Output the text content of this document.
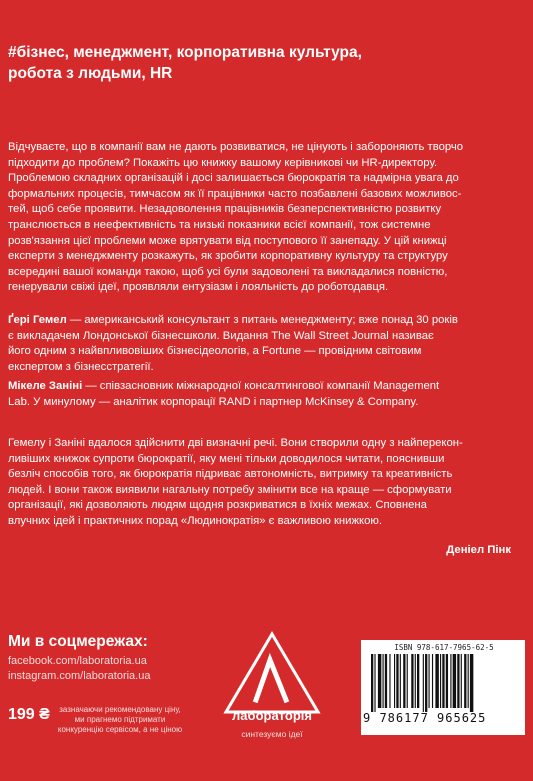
#бізнес, менеджмент, корпоративна культура,
робота з людьми, HR
Відчуваєте, що в компанії вам не дають розвиватися, не цінують і забороняють творчо
підходити до проблем? Покажіть цю книжку вашому керівникові чи HR-директору.
Проблемою складних організацій і досі залишається бюрократія та надмірна увага до
формальних процесів, тимчасом як її працівники часто позбавлені базових можливос-
тей, щоб себе проявити. Незадоволення працівників безперспективністю розвитку
транслюється в неефективність та низькі показники всієї компанії, тож системне
розв'язання цієї проблеми може врятувати від поступового її занепаду. У цій книжці
експерти з менеджменту розкажуть, як зробити корпоративну культуру та структуру
всередині вашої команди такою, щоб усі були задоволені та викладалися повністю,
генерували свіжі ідеї, проявляли ентузіазм і лояльність до роботодавця.
Ґері Гемел — американський консультант з питань менеджменту; вже понад 30 років
є викладачем Лондонської бізнесшколи. Видання The Wall Street Journal називає
його одним з найвпливовіших бізнесідеологів, а Fortune — провідним світовим
експертом з бізнесстратегії.
Мікеле Заніні — співзасновник міжнародної консалтингової компанії Management
Lab. У минулому — аналітик корпорації RAND і партнер McKinsey & Company.
Гемелу і Заніні вдалося здійснити дві визначні речі. Вони створили одну з найперекон-
ливіших книжок супроти бюрократії, яку мені тільки доводилося читати, пояснивши
безліч способів того, як бюрократія підриває автономність, витримку та креативність
людей. І вони також виявили нагальну потребу змінити все на краще — сформувати
організації, які дозволяють людям щодня розкриватися в їхніх межах. Сповнена
влучних ідей і практичних порад «Людинократія» є важливою книжкою.
Деніел Пінк
Ми в соцмережах:
facebook.com/laboratoria.ua
instagram.com/laboratoria.ua
199 ₴	зазначаючи рекомендовану ціну,
ми прагнемо підтримати
конкуренцію сервісом, а не ціною
лабораторія
синтезуємо ідеї
ISBN 978-617-7965-62-5
9 786177 965625
